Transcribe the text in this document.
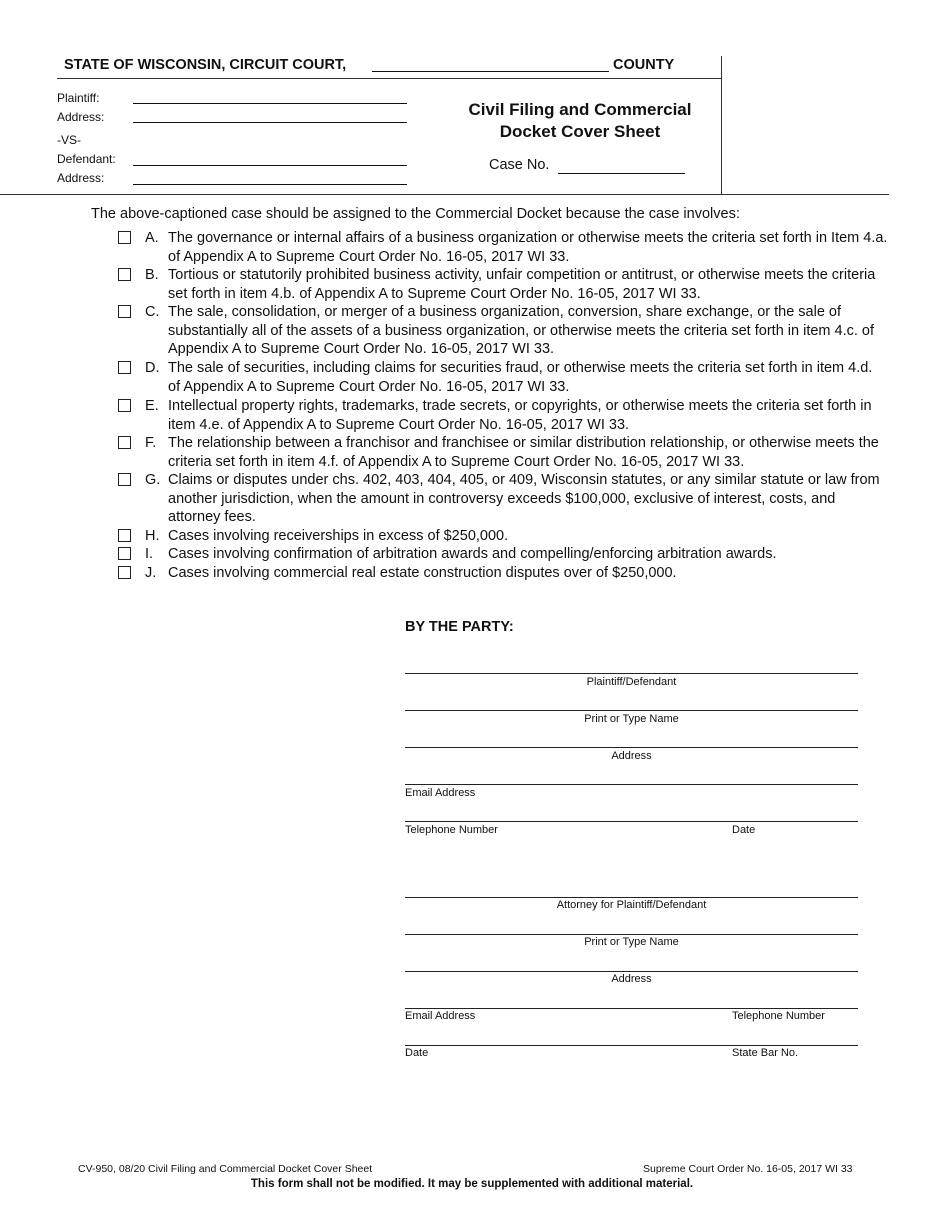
STATE OF WISCONSIN, CIRCUIT COURT,	COUNTY
Plaintiff:
Address:
-VS-
Defendant:
Address:
Civil Filing and Commercial
Docket Cover Sheet
Case No.
The above-captioned case should be assigned to the Commercial Docket because the case involves:
A. The governance or internal affairs of a business organization or otherwise meets the criteria set forth in Item 4.a. of Appendix A to Supreme Court Order No. 16-05, 2017 WI 33.
B. Tortious or statutorily prohibited business activity, unfair competition or antitrust, or otherwise meets the criteria set forth in item 4.b. of Appendix A to Supreme Court Order No. 16-05, 2017 WI 33.
C. The sale, consolidation, or merger of a business organization, conversion, share exchange, or the sale of substantially all of the assets of a business organization, or otherwise meets the criteria set forth in item 4.c. of Appendix A to Supreme Court Order No. 16-05, 2017 WI 33.
D. The sale of securities, including claims for securities fraud, or otherwise meets the criteria set forth in item 4.d. of Appendix A to Supreme Court Order No. 16-05, 2017 WI 33.
E. Intellectual property rights, trademarks, trade secrets, or copyrights, or otherwise meets the criteria set forth in item 4.e. of Appendix A to Supreme Court Order No. 16-05, 2017 WI 33.
F. The relationship between a franchisor and franchisee or similar distribution relationship, or otherwise meets the criteria set forth in item 4.f. of Appendix A to Supreme Court Order No. 16-05, 2017 WI 33.
G. Claims or disputes under chs. 402, 403, 404, 405, or 409, Wisconsin statutes, or any similar statute or law from another jurisdiction, when the amount in controversy exceeds $100,000, exclusive of interest, costs, and attorney fees.
H. Cases involving receiverships in excess of $250,000.
I.	Cases involving confirmation of arbitration awards and compelling/enforcing arbitration awards.
J. Cases involving commercial real estate construction disputes over of $250,000.
BY THE PARTY:
Plaintiff/Defendant
Print or Type Name
Address
Email Address
Telephone Number	Date
Attorney for Plaintiff/Defendant
Print or Type Name
Address
Email Address	Telephone Number
Date	State Bar No.
CV-950, 08/20 Civil Filing and Commercial Docket Cover Sheet	Supreme Court Order No. 16-05, 2017 WI 33
This form shall not be modified. It may be supplemented with additional material.
